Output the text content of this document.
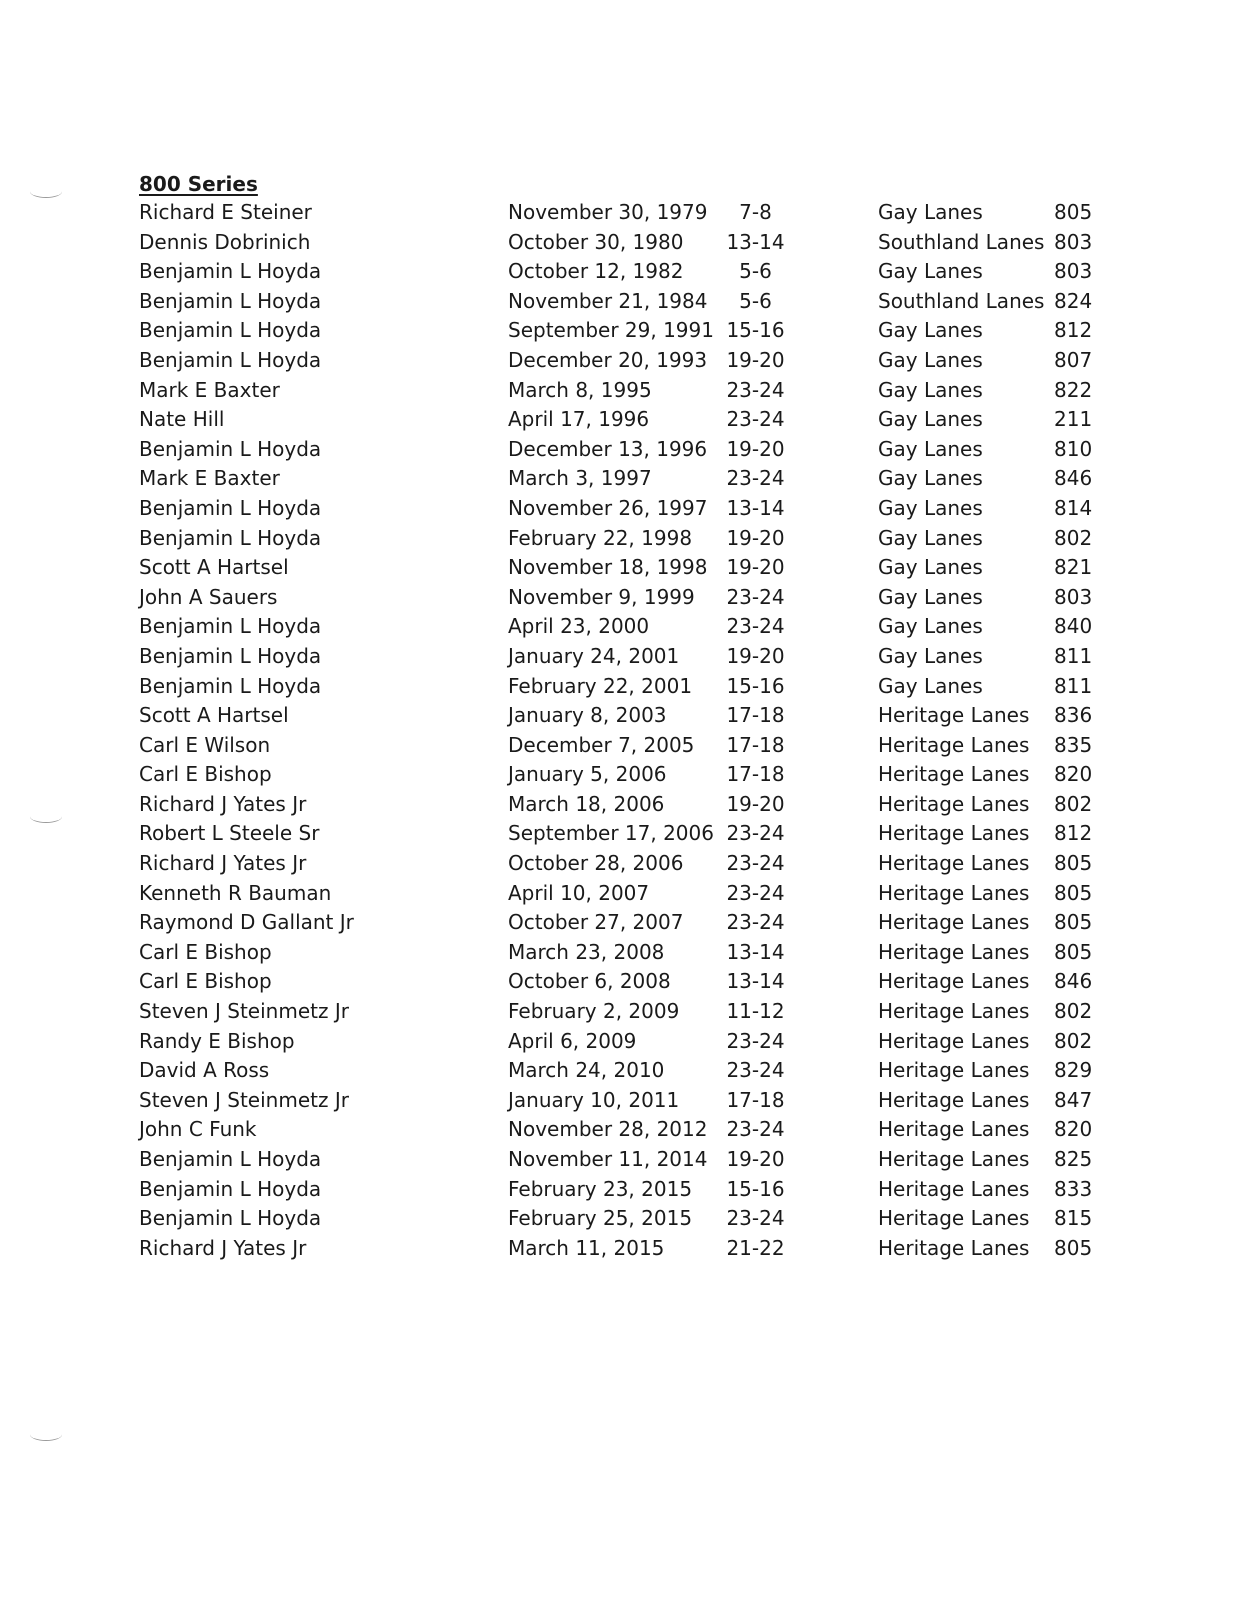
800 Series
Richard E Steiner	November 30, 1979	7-8	Gay Lanes	805
Dennis Dobrinich	October 30, 1980 13-14	Southland Lanes 803
Benjamin L Hoyda	October 12, 1982	5-6	Gay Lanes	803
Benjamin L Hoyda	November 21, 1984	5-6	Southland Lanes 824
Benjamin L Hoyda	September 29, 1991 15-16	Gay Lanes	812
Benjamin L Hoyda	December 20, 1993 19-20	Gay Lanes	807
Mark E Baxter	March 8, 1995	23-24	Gay Lanes	822
Nate Hill	April 17, 1996	23-24	Gay Lanes	211
Benjamin L Hoyda	December 13, 1996 19-20	Gay Lanes	810
Mark E Baxter	March 3, 1997	23-24	Gay Lanes	846
Benjamin L Hoyda	November 26, 1997 13-14	Gay Lanes	814
Benjamin L Hoyda	February 22, 1998 19-20	Gay Lanes	802
Scott A Hartsel	November 18, 1998 19-20	Gay Lanes	821
John A Sauers	November 9, 1999 23-24	Gay Lanes	803
Benjamin L Hoyda	April 23, 2000	23-24	Gay Lanes	840
Benjamin L Hoyda	January 24, 2001 19-20	Gay Lanes	811
Benjamin L Hoyda	February 22, 2001 15-16	Gay Lanes	811
Scott A Hartsel	January 8, 2003	17-18	Heritage Lanes 836
Carl E Wilson	December 7, 2005 17-18	Heritage Lanes 835
Carl E Bishop	January 5, 2006	17-18	Heritage Lanes 820
Richard J Yates Jr	March 18, 2006	19-20	Heritage Lanes 802
Robert L Steele Sr	September 17, 2006 23-24	Heritage Lanes 812
Richard J Yates Jr	October 28, 2006 23-24	Heritage Lanes 805
Kenneth R Bauman	April 10, 2007	23-24	Heritage Lanes 805
Raymond D Gallant Jr	October 27, 2007 23-24	Heritage Lanes 805
Carl E Bishop	March 23, 2008	13-14	Heritage Lanes 805
Carl E Bishop	October 6, 2008	13-14	Heritage Lanes 846
Steven J Steinmetz Jr	February 2, 2009 11-12	Heritage Lanes 802
Randy E Bishop	April 6, 2009	23-24	Heritage Lanes 802
David A Ross	March 24, 2010	23-24	Heritage Lanes 829
Steven J Steinmetz Jr	January 10, 2011 17-18	Heritage Lanes 847
John C Funk	November 28, 2012 23-24	Heritage Lanes 820
Benjamin L Hoyda	November 11, 2014 19-20	Heritage Lanes 825
Benjamin L Hoyda	February 23, 2015 15-16	Heritage Lanes 833
Benjamin L Hoyda	February 25, 2015 23-24	Heritage Lanes 815
Richard J Yates Jr	March 11, 2015	21-22	Heritage Lanes 805
